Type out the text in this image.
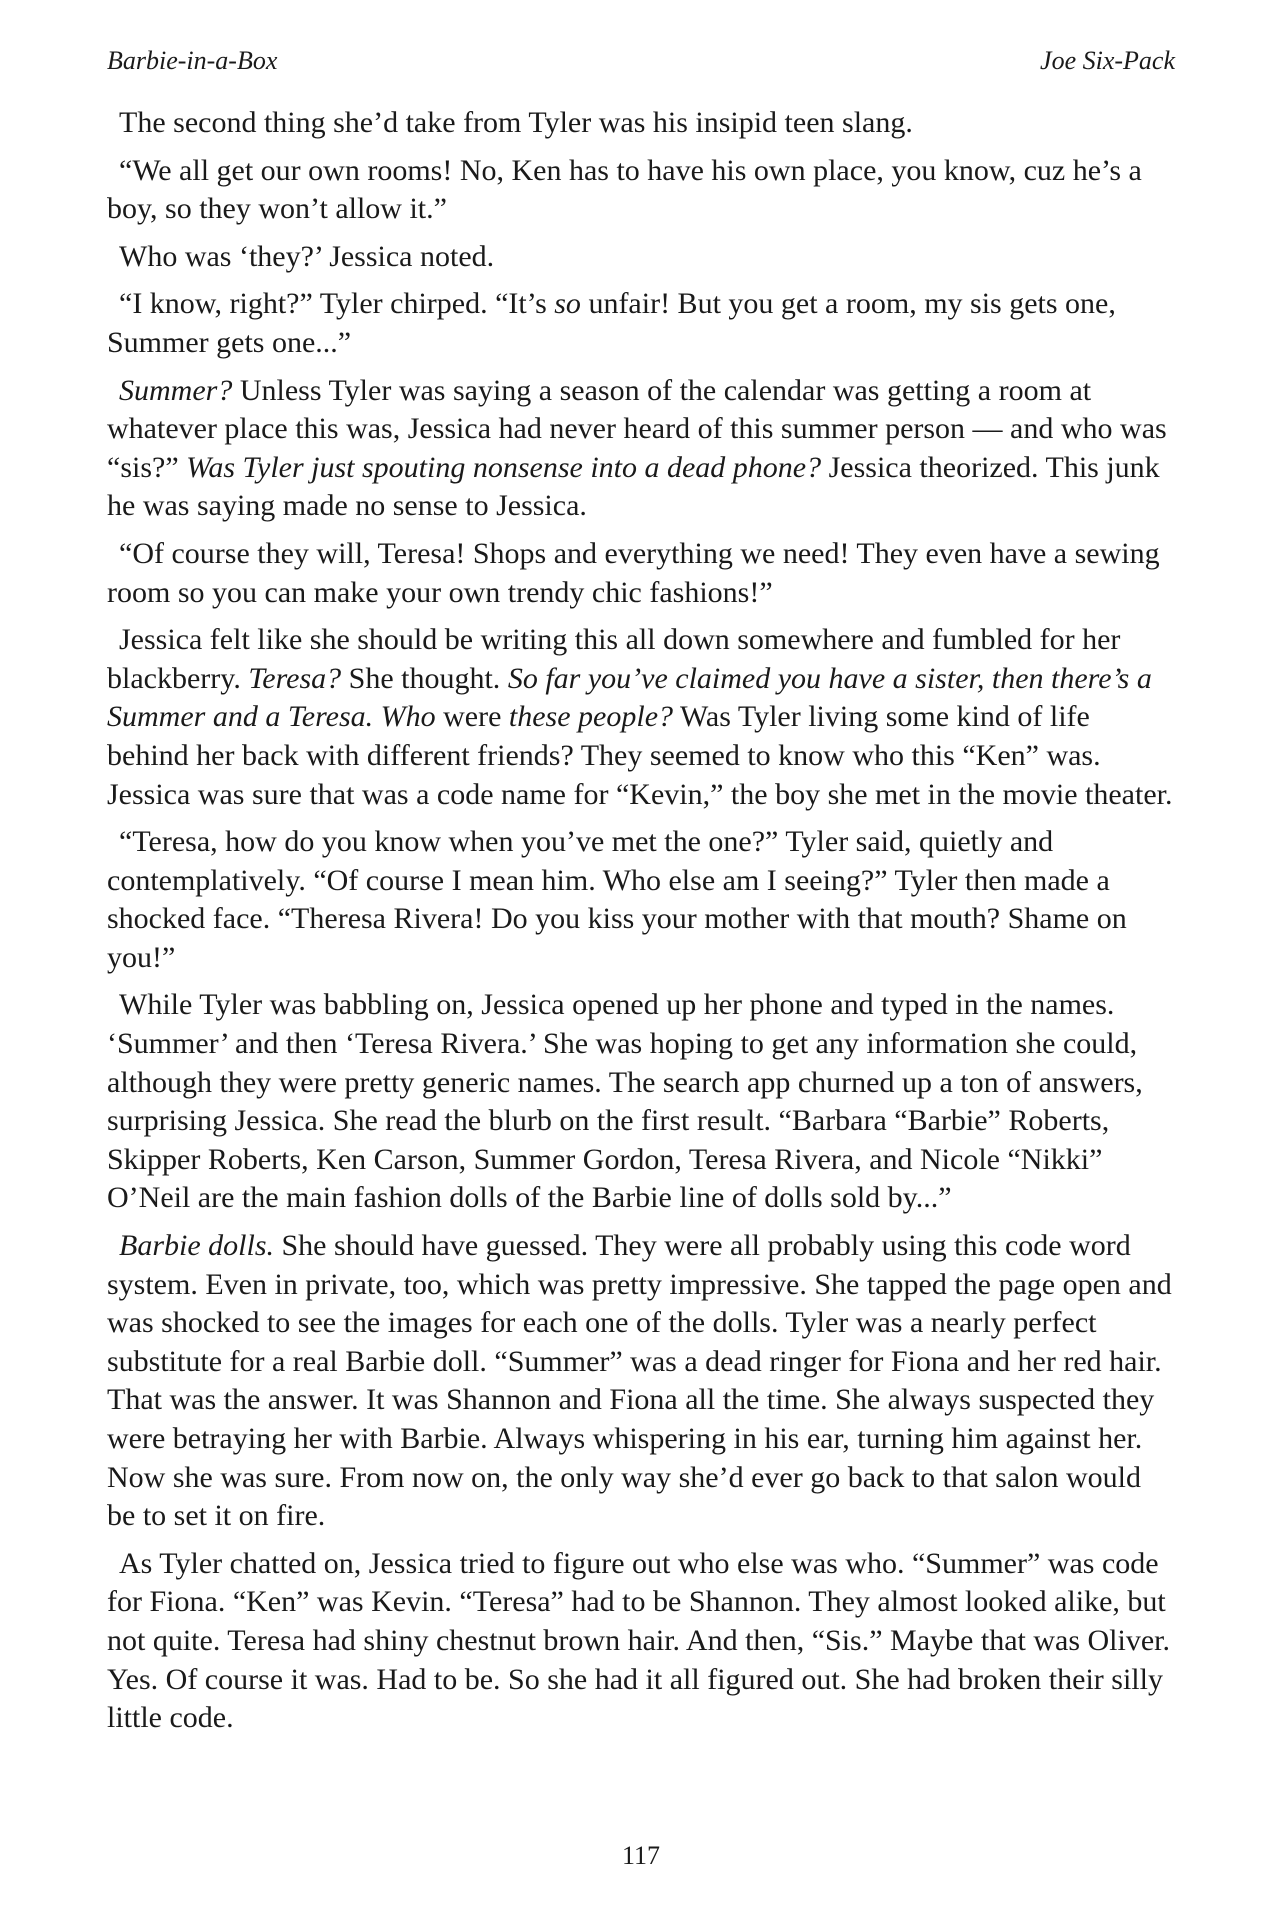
Barbie-in-a-Box	Joe Six-Pack

The second thing she’d take from Tyler was his insipid teen slang.

“We all get our own rooms! No, Ken has to have his own place, you know, cuz he’s a boy, so they won’t allow it.”

Who was ‘they?’ Jessica noted.

“I know, right?” Tyler chirped. “It’s so unfair! But you get a room, my sis gets one, Summer gets one...”

Summer? Unless Tyler was saying a season of the calendar was getting a room at whatever place this was, Jessica had never heard of this summer person — and who was “sis?” Was Tyler just spouting nonsense into a dead phone? Jessica theorized. This junk he was saying made no sense to Jessica.

“Of course they will, Teresa! Shops and everything we need! They even have a sewing room so you can make your own trendy chic fashions!”

Jessica felt like she should be writing this all down somewhere and fumbled for her blackberry. Teresa? She thought. So far you’ve claimed you have a sister, then there’s a Summer and a Teresa. Who were these people? Was Tyler living some kind of life behind her back with different friends? They seemed to know who this “Ken” was. Jessica was sure that was a code name for “Kevin,” the boy she met in the movie theater.

“Teresa, how do you know when you’ve met the one?” Tyler said, quietly and contemplatively. “Of course I mean him. Who else am I seeing?” Tyler then made a shocked face. “Theresa Rivera! Do you kiss your mother with that mouth? Shame on you!”

While Tyler was babbling on, Jessica opened up her phone and typed in the names. ‘Summer’ and then ‘Teresa Rivera.’ She was hoping to get any information she could, although they were pretty generic names. The search app churned up a ton of answers, surprising Jessica. She read the blurb on the first result. “Barbara “Barbie” Roberts, Skipper Roberts, Ken Carson, Summer Gordon, Teresa Rivera, and Nicole “Nikki” O’Neil are the main fashion dolls of the Barbie line of dolls sold by...”

Barbie dolls. She should have guessed. They were all probably using this code word system. Even in private, too, which was pretty impressive. She tapped the page open and was shocked to see the images for each one of the dolls. Tyler was a nearly perfect substitute for a real Barbie doll. “Summer” was a dead ringer for Fiona and her red hair. That was the answer. It was Shannon and Fiona all the time. She always suspected they were betraying her with Barbie. Always whispering in his ear, turning him against her. Now she was sure. From now on, the only way she’d ever go back to that salon would be to set it on fire.

As Tyler chatted on, Jessica tried to figure out who else was who. “Summer” was code for Fiona. “Ken” was Kevin. “Teresa” had to be Shannon. They almost looked alike, but not quite. Teresa had shiny chestnut brown hair. And then, “Sis.” Maybe that was Oliver. Yes. Of course it was. Had to be. So she had it all figured out. She had broken their silly little code.

117
